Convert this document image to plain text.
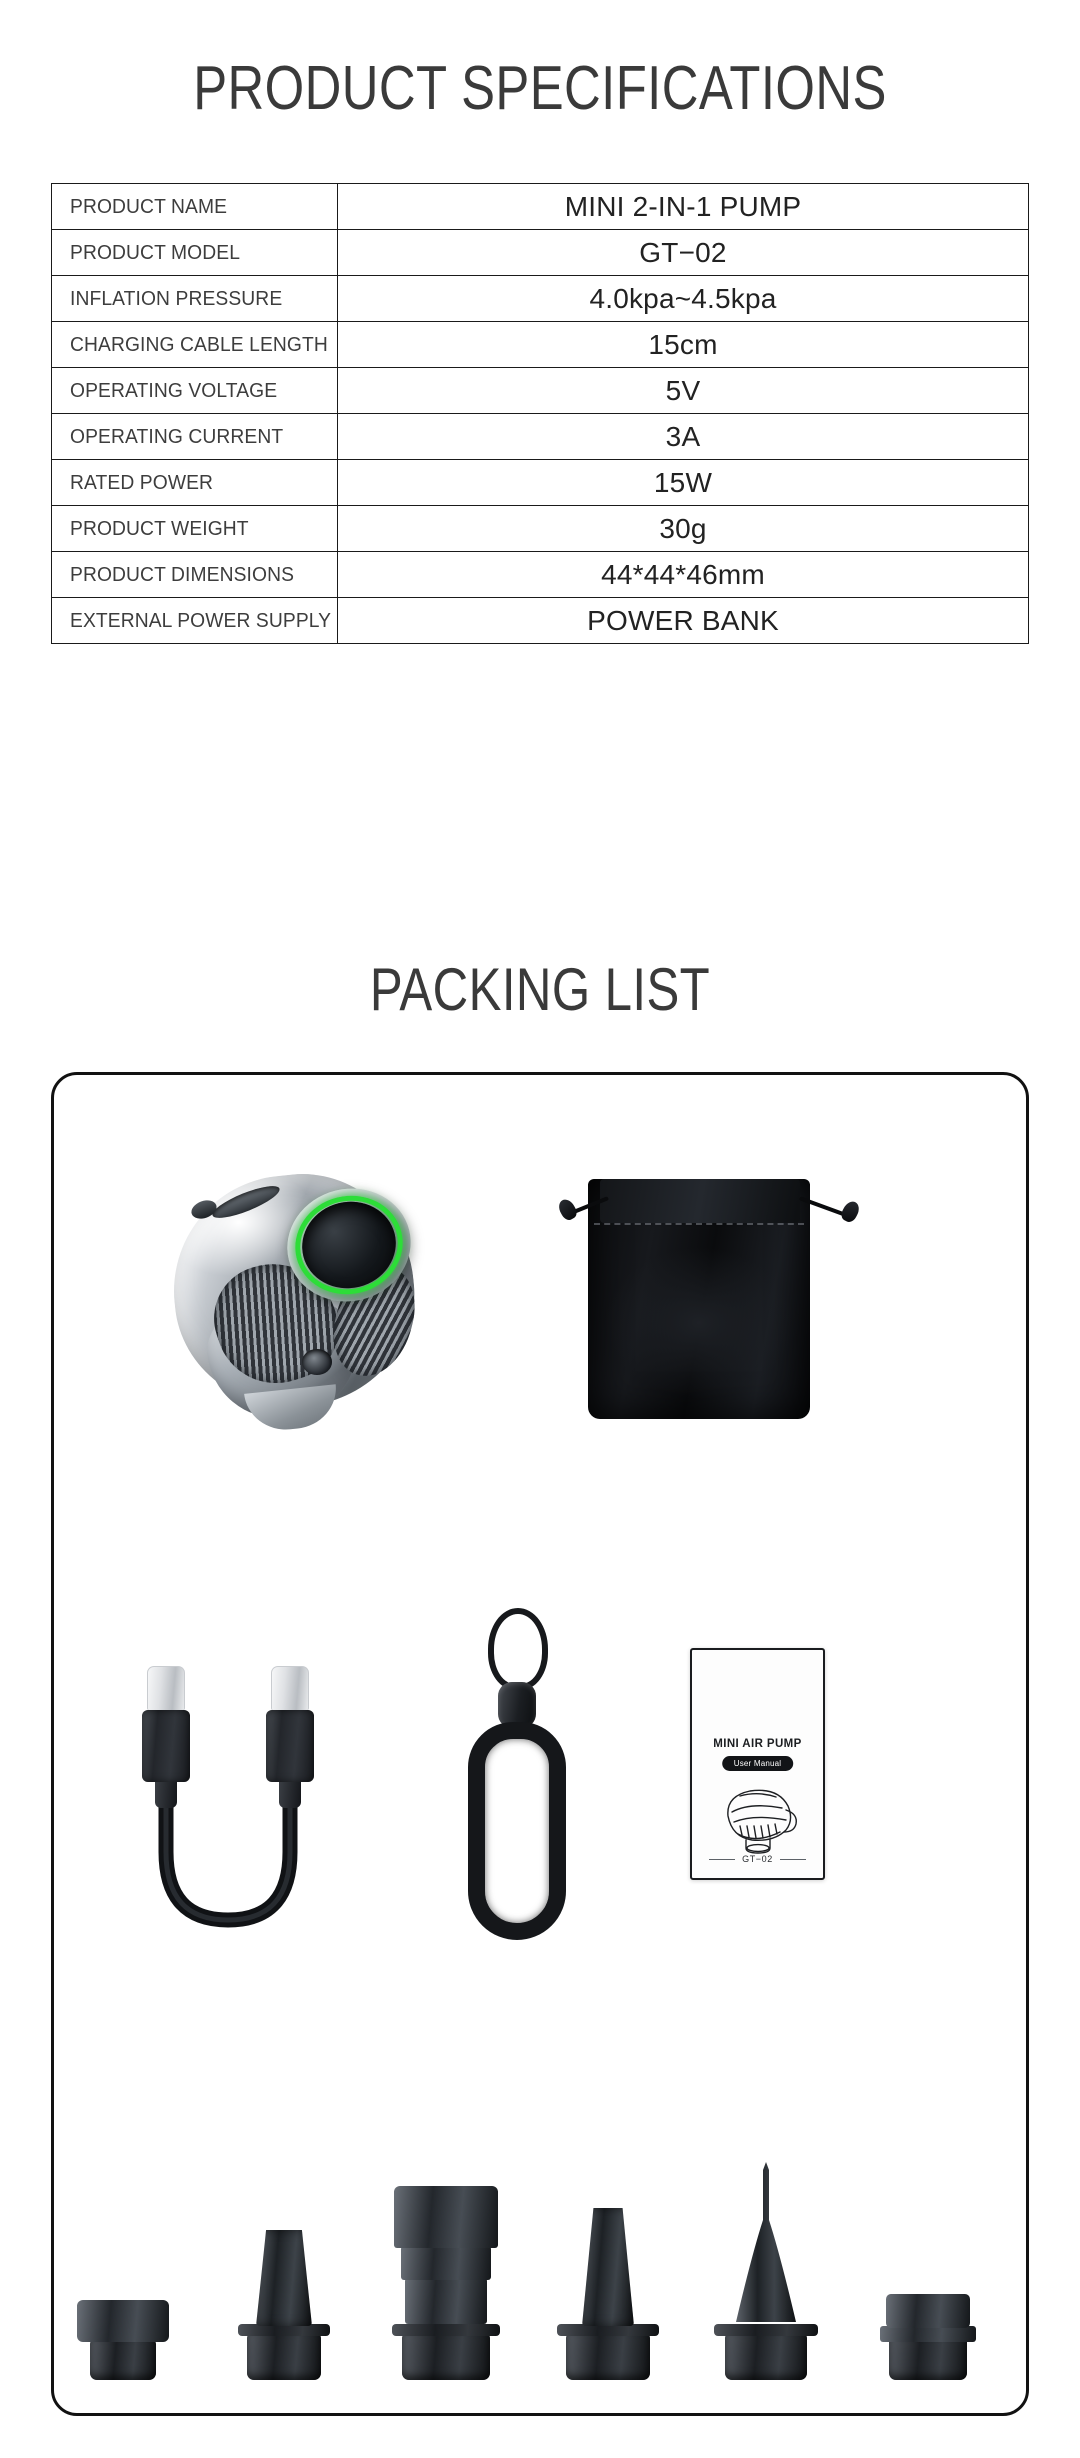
PRODUCT SPECIFICATIONS
PRODUCT NAME	MINI 2-IN-1 PUMP
PRODUCT MODEL	GT−02
INFLATION PRESSURE	4.0kpa~4.5kpa
CHARGING CABLE LENGTH	15cm
OPERATING VOLTAGE	5V
OPERATING CURRENT	3A
RATED POWER	15W
PRODUCT WEIGHT	30g
PRODUCT DIMENSIONS	44*44*46mm
EXTERNAL POWER SUPPLY	POWER BANK
PACKING LIST
MINI AIR PUMP
User Manual
GT−02
